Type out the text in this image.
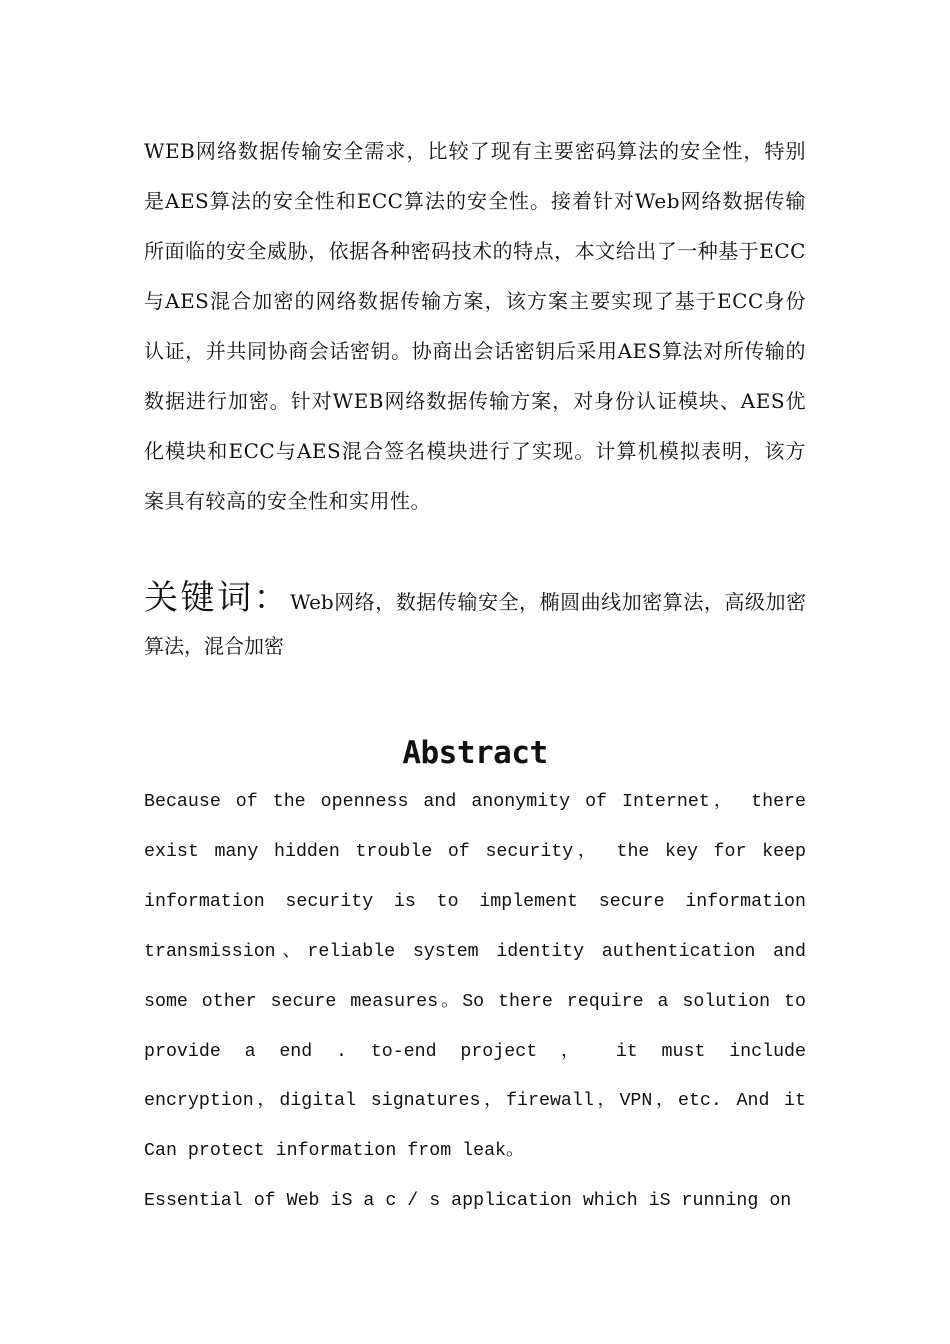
WEB网络数据传输安全需求，比较了现有主要密码算法的安全性，特别是AES算法的安全性和ECC算法的安全性。接着针对Web网络数据传输所面临的安全威胁，依据各种密码技术的特点，本文给出了一种基于ECC与AES混合加密的网络数据传输方案，该方案主要实现了基于ECC身份认证，并共同协商会话密钥。协商出会话密钥后采用AES算法对所传输的数据进行加密。针对WEB网络数据传输方案，对身份认证模块、AES优化模块和ECC与AES混合签名模块进行了实现。计算机模拟表明，该方案具有较高的安全性和实用性。

关键词：Web网络，数据传输安全，椭圆曲线加密算法，高级加密算法，混合加密

Abstract

Because of the openness and anonymity of Internet， there exist many hidden trouble of security， the key for keep information security is to implement secure information transmission、reliable system identity authentication and some other secure measures。So there require a solution to provide a end . to-end project ， it must include encryption，digital signatures，firewall，VPN，etc. And it Can protect information from leak。

Essential of Web iS a c / s application which iS running on
